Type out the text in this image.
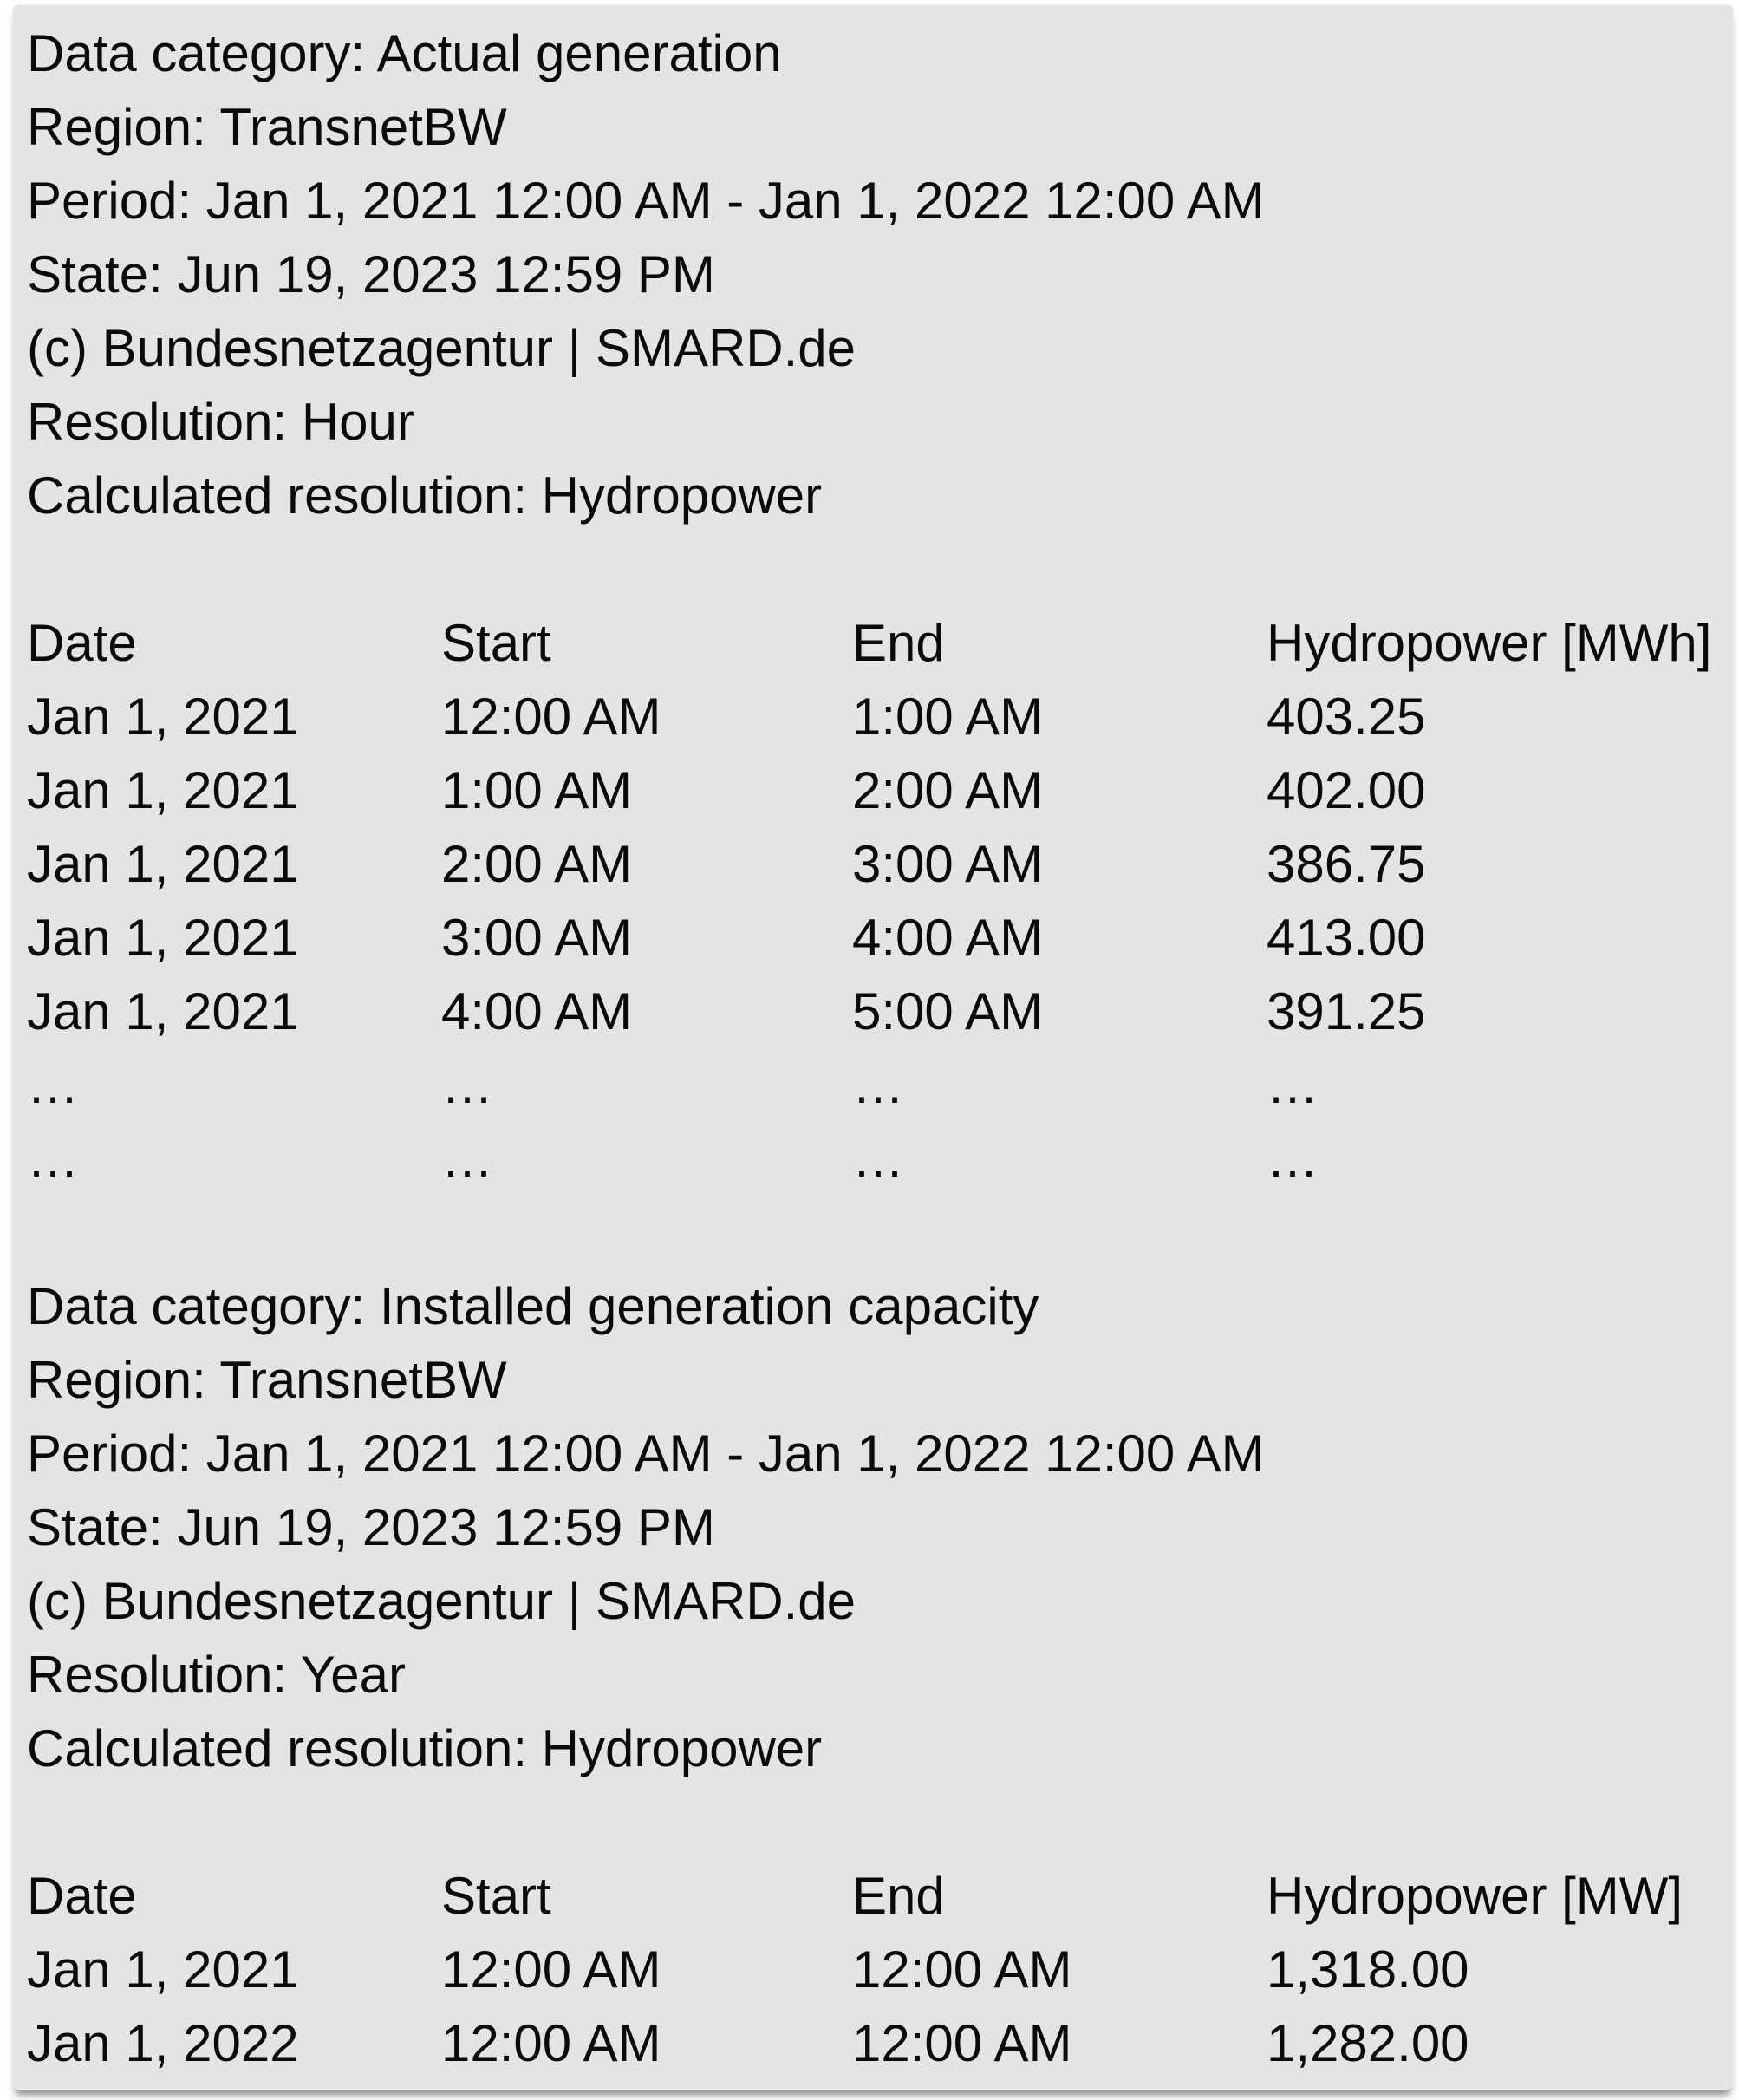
Data category: Actual generation
Region: TransnetBW
Period: Jan 1, 2021 12:00 AM - Jan 1, 2022 12:00 AM
State: Jun 19, 2023 12:59 PM
(c) Bundesnetzagentur | SMARD.de
Resolution: Hour
Calculated resolution: Hydropower
Date	Start	End	Hydropower [MWh]
Jan 1, 2021	12:00 AM	1:00 AM	403.25
Jan 1, 2021	1:00 AM	2:00 AM	402.00
Jan 1, 2021	2:00 AM	3:00 AM	386.75
Jan 1, 2021	3:00 AM	4:00 AM	413.00
Jan 1, 2021	4:00 AM	5:00 AM	391.25
…	…	…	…
…	…	…	…
Data category: Installed generation capacity
Region: TransnetBW
Period: Jan 1, 2021 12:00 AM - Jan 1, 2022 12:00 AM
State: Jun 19, 2023 12:59 PM
(c) Bundesnetzagentur | SMARD.de
Resolution: Year
Calculated resolution: Hydropower
Date	Start	End	Hydropower [MW]
Jan 1, 2021	12:00 AM	12:00 AM	1,318.00
Jan 1, 2022	12:00 AM	12:00 AM	1,282.00
